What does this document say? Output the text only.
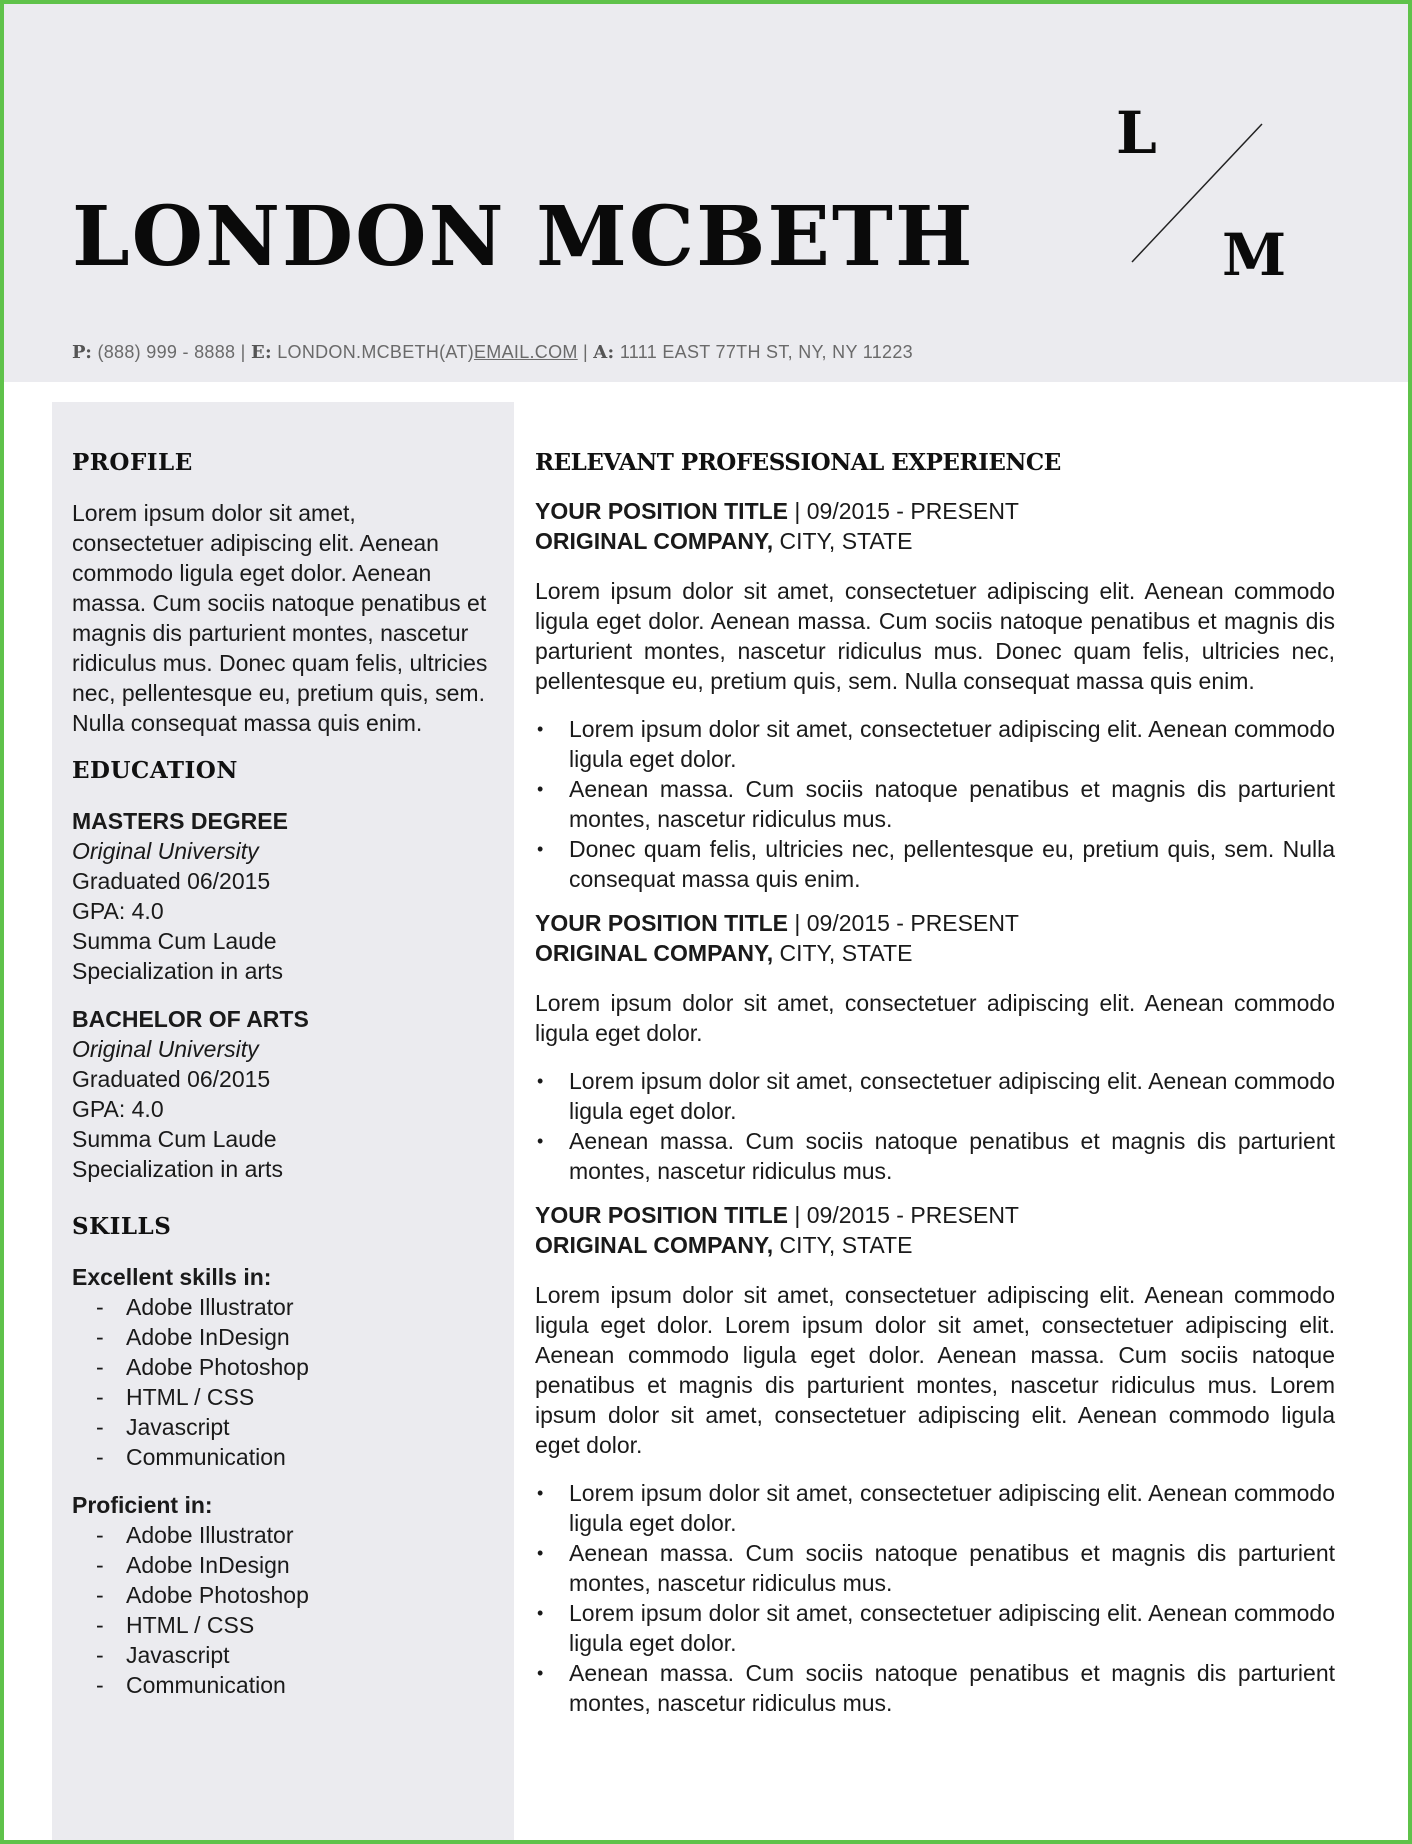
LONDON MCBETH
L
M
P: (888) 999 - 8888 | E: LONDON.MCBETH(AT)EMAIL.COM | A: 1111 EAST 77TH ST, NY, NY 11223
PROFILE

Lorem ipsum dolor sit amet, consectetuer adipiscing elit. Aenean commodo ligula eget dolor. Aenean massa. Cum sociis natoque penatibus et magnis dis parturient montes, nascetur ridiculus mus. Donec quam felis, ultricies nec, pellentesque eu, pretium quis, sem. Nulla consequat massa quis enim.

EDUCATION
MASTERS DEGREE
Original University
Graduated 06/2015
GPA: 4.0
Summa Cum Laude
Specialization in arts
BACHELOR OF ARTS
Original University
Graduated 06/2015
GPA: 4.0
Summa Cum Laude
Specialization in arts
SKILLS
Excellent skills in:
- Adobe Illustrator
- Adobe InDesign
- Adobe Photoshop
- HTML / CSS
- Javascript
- Communication
Proficient in:
- Adobe Illustrator
- Adobe InDesign
- Adobe Photoshop
- HTML / CSS
- Javascript
- Communication
RELEVANT PROFESSIONAL EXPERIENCE
YOUR POSITION TITLE | 09/2015 - PRESENT
ORIGINAL COMPANY, CITY, STATE

Lorem ipsum dolor sit amet, consectetuer adipiscing elit. Aenean commodo ligula eget dolor. Aenean massa. Cum sociis natoque penatibus et magnis dis parturient montes, nascetur ridiculus mus. Donec quam felis, ultricies nec, pellentesque eu, pretium quis, sem. Nulla consequat massa quis enim.

• Lorem ipsum dolor sit amet, consectetuer adipiscing elit. Aenean commodo ligula eget dolor.
• Aenean massa. Cum sociis natoque penatibus et magnis dis parturient montes, nascetur ridiculus mus.
• Donec quam felis, ultricies nec, pellentesque eu, pretium quis, sem. Nulla consequat massa quis enim.
YOUR POSITION TITLE | 09/2015 - PRESENT
ORIGINAL COMPANY, CITY, STATE

Lorem ipsum dolor sit amet, consectetuer adipiscing elit. Aenean commodo ligula eget dolor.

• Lorem ipsum dolor sit amet, consectetuer adipiscing elit. Aenean commodo ligula eget dolor.
• Aenean massa. Cum sociis natoque penatibus et magnis dis parturient montes, nascetur ridiculus mus.
YOUR POSITION TITLE | 09/2015 - PRESENT
ORIGINAL COMPANY, CITY, STATE

Lorem ipsum dolor sit amet, consectetuer adipiscing elit. Aenean commodo ligula eget dolor. Lorem ipsum dolor sit amet, consectetuer adipiscing elit. Aenean commodo ligula eget dolor. Aenean massa. Cum sociis natoque penatibus et magnis dis parturient montes, nascetur ridiculus mus. Lorem ipsum dolor sit amet, consectetuer adipiscing elit. Aenean commodo ligula eget dolor.

• Lorem ipsum dolor sit amet, consectetuer adipiscing elit. Aenean commodo ligula eget dolor.
• Aenean massa. Cum sociis natoque penatibus et magnis dis parturient montes, nascetur ridiculus mus.
• Lorem ipsum dolor sit amet, consectetuer adipiscing elit. Aenean commodo ligula eget dolor.
• Aenean massa. Cum sociis natoque penatibus et magnis dis parturient montes, nascetur ridiculus mus.
